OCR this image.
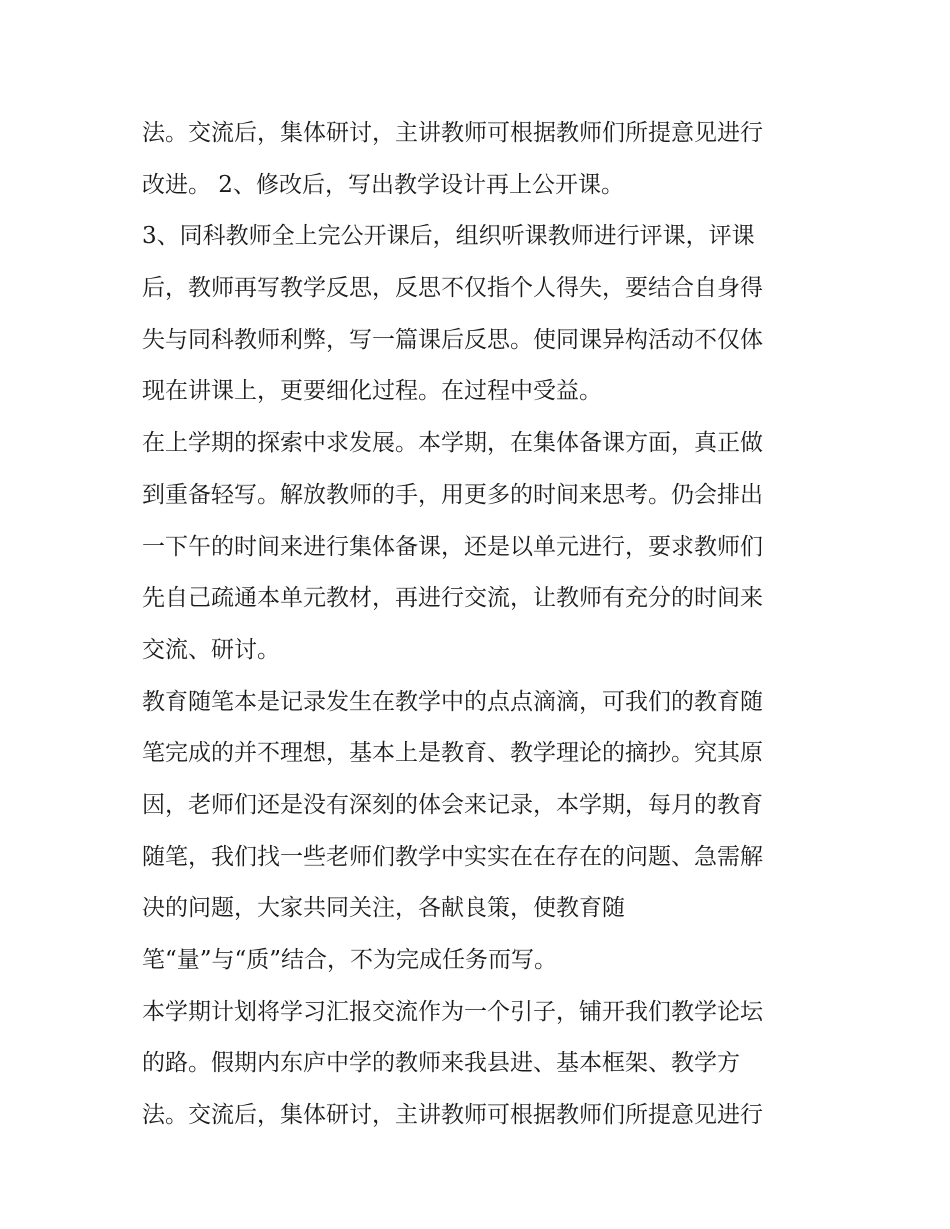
法。交流后，集体研讨，主讲教师可根据教师们所提意见进行
改进。 2、修改后，写出教学设计再上公开课。
3、同科教师全上完公开课后，组织听课教师进行评课，评课
后，教师再写教学反思，反思不仅指个人得失，要结合自身得
失与同科教师利弊，写一篇课后反思。使同课异构活动不仅体
现在讲课上，更要细化过程。在过程中受益。
在上学期的探索中求发展。本学期，在集体备课方面，真正做
到重备轻写。解放教师的手，用更多的时间来思考。仍会排出
一下午的时间来进行集体备课，还是以单元进行，要求教师们
先自己疏通本单元教材，再进行交流，让教师有充分的时间来
交流、研讨。
教育随笔本是记录发生在教学中的点点滴滴，可我们的教育随
笔完成的并不理想，基本上是教育、教学理论的摘抄。究其原
因，老师们还是没有深刻的体会来记录，本学期，每月的教育
随笔，我们找一些老师们教学中实实在在存在的问题、急需解
决的问题，大家共同关注，各献良策，使教育随
笔“量”与“质”结合，不为完成任务而写。
本学期计划将学习汇报交流作为一个引子，铺开我们教学论坛
的路。假期内东庐中学的教师来我县进、基本框架、教学方
法。交流后，集体研讨，主讲教师可根据教师们所提意见进行
